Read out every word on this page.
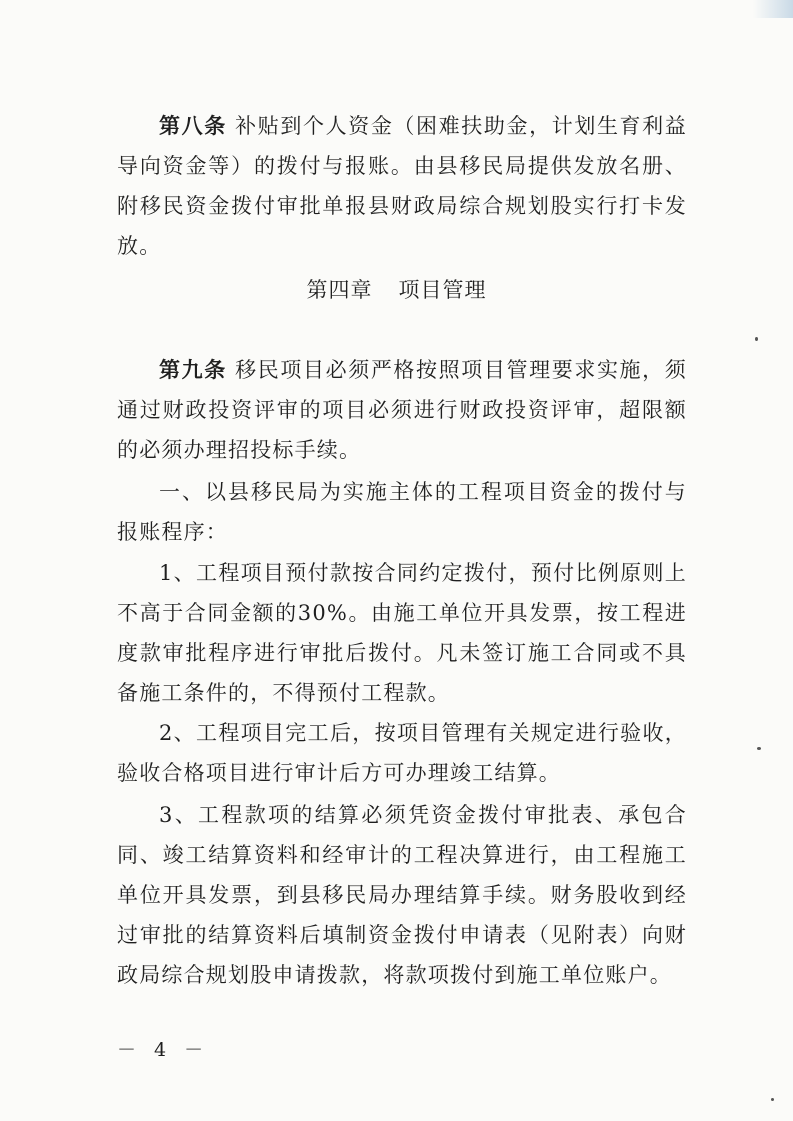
第八条 补贴到个人资金（困难扶助金，计划生育利益导向资金等）的拨付与报账。由县移民局提供发放名册、附移民资金拨付审批单报县财政局综合规划股实行打卡发放。

第四章 项目管理

第九条 移民项目必须严格按照项目管理要求实施，须通过财政投资评审的项目必须进行财政投资评审，超限额的必须办理招投标手续。

一、以县移民局为实施主体的工程项目资金的拨付与报账程序：

1、工程项目预付款按合同约定拨付，预付比例原则上不高于合同金额的30%。由施工单位开具发票，按工程进度款审批程序进行审批后拨付。凡未签订施工合同或不具备施工条件的，不得预付工程款。

2、工程项目完工后，按项目管理有关规定进行验收，验收合格项目进行审计后方可办理竣工结算。

3、工程款项的结算必须凭资金拨付审批表、承包合同、竣工结算资料和经审计的工程决算进行，由工程施工单位开具发票，到县移民局办理结算手续。财务股收到经过审批的结算资料后填制资金拨付申请表（见附表）向财政局综合规划股申请拨款，将款项拨付到施工单位账户。

－ 4 －
